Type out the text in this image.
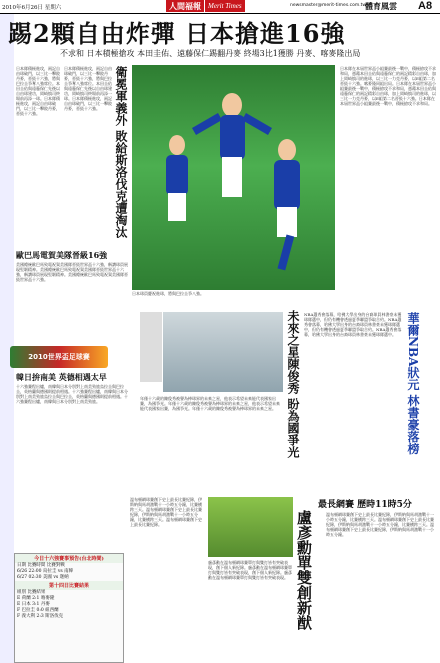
2010年6月26日 星期六	人間福報	Merit Times	newsmaster@merit-times.com.tw
體育風雲 A8
踢2顆自由炸彈 日本搶進16強
不求和 日本積極搶攻 本田圭佑、遠藤保仁踢翻丹麥 終場3比1獲勝 丹麥、喀麥隆出局
日本隊積極進攻，兩記自由球破門，以三比一擊敗丹麥，晉級十六強，將與巴拉圭爭奪八強席位。本田圭佑與遠藤保仁先後以自由球建功，岡崎慎司終場前再添一球。日本隊積極進攻，兩記自由球破門，以三比一擊敗丹麥，晉級十六強。
日本隊積極進攻，兩記自由球破門，以三比一擊敗丹麥，晉級十六強，將與巴拉圭爭奪八強席位。本田圭佑與遠藤保仁先後以自由球建功，岡崎慎司終場前再添一球。日本隊積極進攻，兩記自由球破門，以三比一擊敗丹麥，晉級十六強。	衛冕軍義外 敗給斯洛伐克遭淘汰
日本球員慶祝進球，將與巴拉圭爭八強。
日本隊在本屆世界盃小組賽最後一戰中，積極搶攻不求和局，憑藉本田圭佑與遠藤保仁的兩記精彩自由球，加上岡崎慎司的進球，以三比一力克丹麥，以E組第二名晉級十六強。喀麥隆同組出局。日本隊在本屆世界盃小組賽最後一戰中，積極搶攻不求和局，憑藉本田圭佑與遠藤保仁的兩記精彩自由球，加上岡崎慎司的進球，以三比一力克丹麥，以E組第二名晉級十六強。日本隊在本屆世界盃小組賽最後一戰中，積極搶攻不求和局。
歐巴馬電賀美隊晉級16強
美國總統歐巴馬致電祝賀美國隊晉級世界盃十六強，稱讚球員展現堅韌精神。美國總統歐巴馬致電祝賀美國隊晉級世界盃十六強，稱讚球員展現堅韌精神。美國總統歐巴馬致電祝賀美國隊晉級世界盃十六強。
2010世界盃足球賽
韓日拚南美 英德相遇太早
十六強賽程出爐，南韓與日本分別對上南美勁旅烏拉圭與巴拉圭，英格蘭與德國則提前相遇。十六強賽程出爐，南韓與日本分別對上南美勁旅烏拉圭與巴拉圭，英格蘭與德國則提前相遇。十六強賽程出爐，南韓與日本分別對上南美勁旅。	未來之星陳俊秀 盼為國爭光
年僅十六歲的陳俊秀被譽為棒球界的未來之星，他表示希望未來能代表國家出賽，為國爭光。年僅十六歲的陳俊秀被譽為棒球界的未來之星，他表示希望未來能代表國家出賽，為國爭光。年僅十六歲的陳俊秀被譽為棒球界的未來之星。
NBA選秀會落幕，哈佛大學出身的台裔球員林書豪未獲球隊選中，但仍有機會透過夏季聯盟爭取合約。NBA選秀會落幕，哈佛大學出身的台裔球員林書豪未獲球隊選中，但仍有機會透過夏季聯盟爭取合約。NBA選秀會落幕，哈佛大學出身的台裔球員林書豪未獲球隊選中。 華爾NBA狀元 林書豪落榜
最長網賽 歷時11時5分
盧彥勳單雙創新猷
溫布頓網球賽創下史上最長比賽紀錄，伊斯納與馬胡激戰十一小時五分鐘，比賽橫跨三天。溫布頓網球賽創下史上最長比賽紀錄，伊斯納與馬胡激戰十一小時五分鐘，比賽橫跨三天。溫布頓網球賽創下史上最長比賽紀錄。
盧彥勳在溫布頓網球賽單打與雙打皆有突破表現，創下個人新紀錄。盧彥勳在溫布頓網球賽單打與雙打皆有突破表現，創下個人新紀錄。盧彥勳在溫布頓網球賽單打與雙打皆有突破表現。
溫布頓網球賽創下史上最長比賽紀錄，伊斯納與馬胡激戰十一小時五分鐘，比賽橫跨三天。溫布頓網球賽創下史上最長比賽紀錄，伊斯納與馬胡激戰十一小時五分鐘，比賽橫跨三天。溫布頓網球賽創下史上最長比賽紀錄，伊斯納與馬胡激戰十一小時五分鐘。
今日十六強賽事預告(台北時間)
日期 比賽時間 比賽對戰
6/26 22:00 烏拉圭 vs 南韓
6/27 02:30 美國 vs 迦納
第十四日比賽結果
組別 比賽結果
E 荷蘭 2:1 喀麥隆
E 日本 3:1 丹麥
F 巴拉圭 0:0 紐西蘭
F 義大利 2:3 斯洛伐克
